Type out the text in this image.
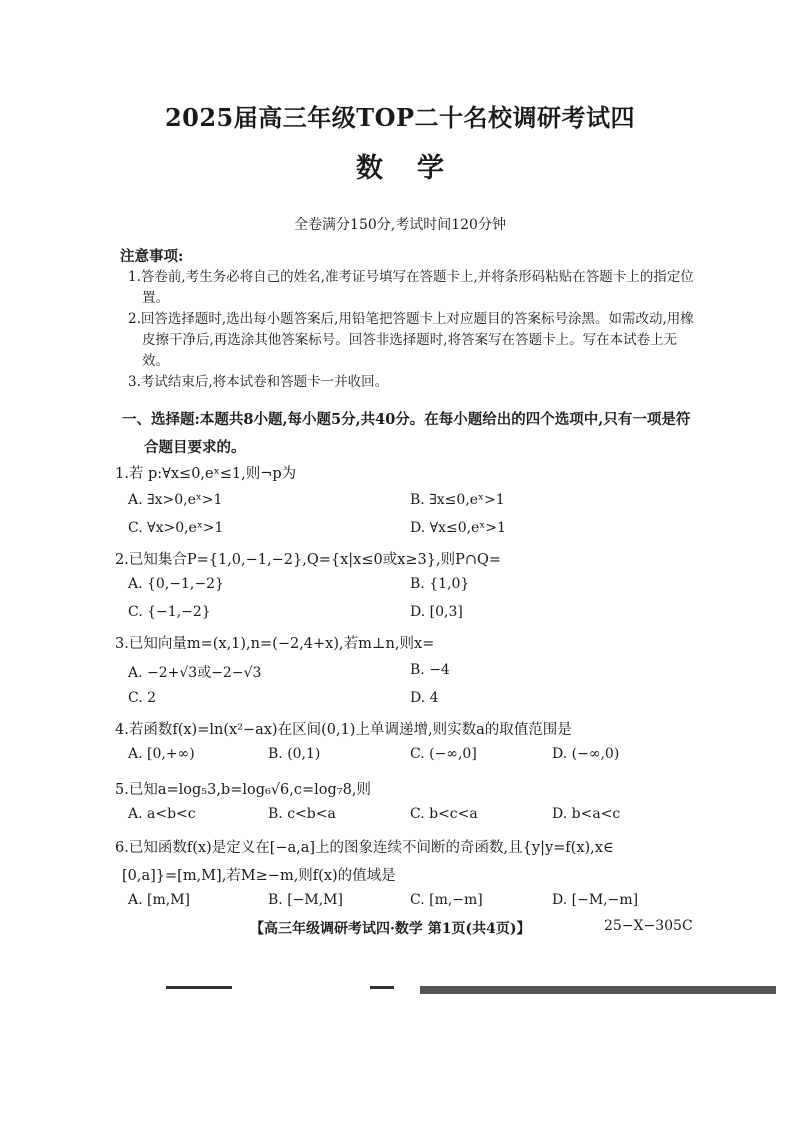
2025届高三年级TOP二十名校调研考试四
数学
全卷满分150分,考试时间120分钟
注意事项:
1.答卷前,考生务必将自己的姓名,准考证号填写在答题卡上,并将条形码粘贴在答题卡上的指定位置。
2.回答选择题时,选出每小题答案后,用铅笔把答题卡上对应题目的答案标号涂黑。如需改动,用橡皮擦干净后,再选涂其他答案标号。回答非选择题时,将答案写在答题卡上。写在本试卷上无效。
3.考试结束后,将本试卷和答题卡一并收回。
一、选择题:本题共8小题,每小题5分,共40分。在每小题给出的四个选项中,只有一项是符
合题目要求的。
1.若 p:∀x≤0,eˣ≤1,则¬p为
A. ∃x>0,eˣ>1	B. ∃x≤0,eˣ>1
C. ∀x>0,eˣ>1	D. ∀x≤0,eˣ>1
2.已知集合P={1,0,−1,−2},Q={x|x≤0或x≥3},则P∩Q=
A. {0,−1,−2}	B. {1,0}
C. {−1,−2}	D. [0,3]
3.已知向量m=(x,1),n=(−2,4+x),若m⊥n,则x=
A. −2+√3或−2−√3	B. −4
C. 2	D. 4
4.若函数f(x)=ln(x²−ax)在区间(0,1)上单调递增,则实数a的取值范围是
A. [0,+∞)	B. (0,1)	C. (−∞,0]	D. (−∞,0)
5.已知a=log₅3,b=log₆√6,c=log₇8,则
A. a<b<c	B. c<b<a	C. b<c<a	D. b<a<c
6.已知函数f(x)是定义在[−a,a]上的图象连续不间断的奇函数,且{y|y=f(x),x∈
[0,a]}=[m,M],若M≥−m,则f(x)的值域是
A. [m,M]	B. [−M,M]	C. [m,−m]	D. [−M,−m]
【高三年级调研考试四·数学 第1页(共4页)】	25−X−305C
